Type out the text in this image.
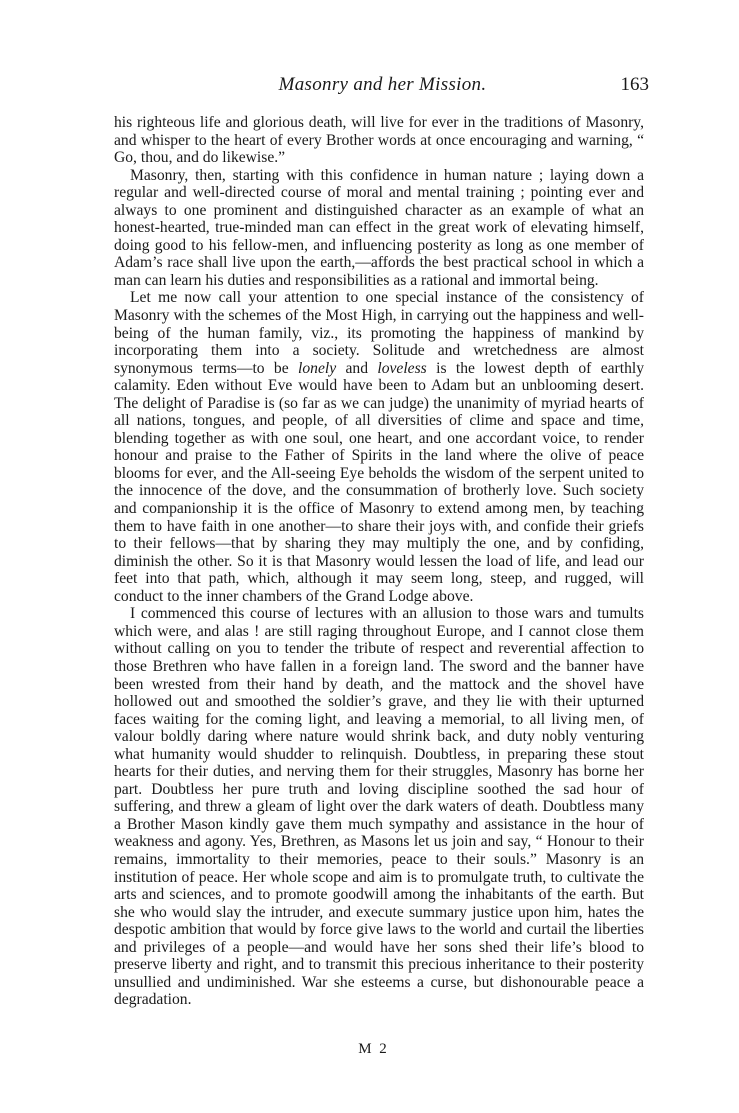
Masonry and her Mission.	163

his righteous life and glorious death, will live for ever in the traditions of Masonry, and whisper to the heart of every Brother words at once encouraging and warning, “ Go, thou, and do likewise.”

Masonry, then, starting with this confidence in human nature ; laying down a regular and well-directed course of moral and mental training ; pointing ever and always to one prominent and distinguished character as an example of what an honest-hearted, true-minded man can effect in the great work of elevating himself, doing good to his fellow-men, and influencing posterity as long as one member of Adam’s race shall live upon the earth,—affords the best practical school in which a man can learn his duties and responsibilities as a rational and immortal being.

Let me now call your attention to one special instance of the consistency of Masonry with the schemes of the Most High, in carrying out the happiness and well-being of the human family, viz., its promoting the happiness of mankind by incorporating them into a society. Solitude and wretchedness are almost synonymous terms—to be lonely and loveless is the lowest depth of earthly calamity. Eden without Eve would have been to Adam but an unblooming desert. The delight of Paradise is (so far as we can judge) the unanimity of myriad hearts of all nations, tongues, and people, of all diversities of clime and space and time, blending together as with one soul, one heart, and one accordant voice, to render honour and praise to the Father of Spirits in the land where the olive of peace blooms for ever, and the All-seeing Eye beholds the wisdom of the serpent united to the innocence of the dove, and the consummation of brotherly love. Such society and companionship it is the office of Masonry to extend among men, by teaching them to have faith in one another—to share their joys with, and confide their griefs to their fellows—that by sharing they may multiply the one, and by confiding, diminish the other. So it is that Masonry would lessen the load of life, and lead our feet into that path, which, although it may seem long, steep, and rugged, will conduct to the inner chambers of the Grand Lodge above.

I commenced this course of lectures with an allusion to those wars and tumults which were, and alas ! are still raging throughout Europe, and I cannot close them without calling on you to tender the tribute of respect and reverential affection to those Brethren who have fallen in a foreign land. The sword and the banner have been wrested from their hand by death, and the mattock and the shovel have hollowed out and smoothed the soldier’s grave, and they lie with their upturned faces waiting for the coming light, and leaving a memorial, to all living men, of valour boldly daring where nature would shrink back, and duty nobly venturing what humanity would shudder to relinquish. Doubtless, in preparing these stout hearts for their duties, and nerving them for their struggles, Masonry has borne her part. Doubtless her pure truth and loving discipline soothed the sad hour of suffering, and threw a gleam of light over the dark waters of death. Doubtless many a Brother Mason kindly gave them much sympathy and assistance in the hour of weakness and agony. Yes, Brethren, as Masons let us join and say, “ Honour to their remains, immortality to their memories, peace to their souls.” Masonry is an institution of peace. Her whole scope and aim is to promulgate truth, to cultivate the arts and sciences, and to promote goodwill among the inhabitants of the earth. But she who would slay the intruder, and execute summary justice upon him, hates the despotic ambition that would by force give laws to the world and curtail the liberties and privileges of a people—and would have her sons shed their life’s blood to preserve liberty and right, and to transmit this precious inheritance to their posterity unsullied and undiminished. War she esteems a curse, but dishonourable peace a degradation.

M 2
